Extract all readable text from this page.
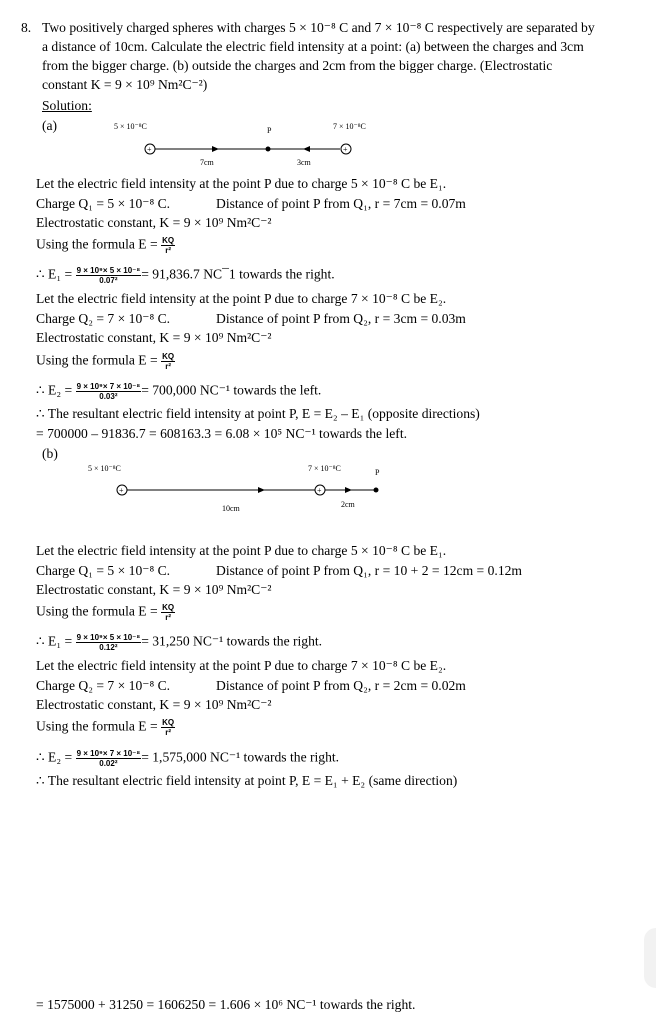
8. Two positively charged spheres with charges 5 × 10⁻⁸ C and 7 × 10⁻⁸ C respectively are separated by
a distance of 10cm. Calculate the electric field intensity at a point: (a) between the charges and 3cm
from the bigger charge. (b) outside the charges and 2cm from the bigger charge. (Electrostatic
constant K = 9 × 10⁹ Nm²C⁻²)
Solution:
(a)	5 × 10⁻⁸C	P	7 × 10⁻⁸C
+	+
7cm	3cm
Let the electric field intensity at the point P due to charge 5 × 10⁻⁸ C be E₁.
Charge Q₁ = 5 × 10⁻⁸ C.	Distance of point P from Q₁, r = 7cm = 0.07m
Electrostatic constant, K = 9 × 10⁹ Nm²C⁻²
Using the formula $E = \frac{KQ}{\text{r²}}$
∴ $E_1 = \frac{\text{9 × 10⁹× 5 × 10⁻⁸}}{\text{0.07²}} = 91,836.7$ NC¯1 towards the right.
Let the electric field intensity at the point P due to charge 7 × 10⁻⁸ C be E₂.
Charge Q₂ = 7 × 10⁻⁸ C.	Distance of point P from Q₂, r = 3cm = 0.03m
Electrostatic constant, K = 9 × 10⁹ Nm²C⁻²
Using the formula $E = \frac{KQ}{\text{r²}}$
∴ $E_2 = \frac{\text{9 × 10⁹× 7 × 10⁻⁸}}{\text{0.03²}} = 700,000$ NC⁻¹ towards the left.
∴ The resultant electric field intensity at point P, E = E₂ – E₁ (opposite directions)
= 700000 – 91836.7 = 608163.3 = 6.08 × 10⁵ NC⁻¹ towards the left.
(b)
5 × 10⁻⁸C	7 × 10⁻⁸C	P
+	+
10cm	2cm
Let the electric field intensity at the point P due to charge 5 × 10⁻⁸ C be E₁.
Charge Q₁ = 5 × 10⁻⁸ C.	Distance of point P from Q₁, r = 10 + 2 = 12cm = 0.12m
Electrostatic constant, K = 9 × 10⁹ Nm²C⁻²
Using the formula $E = \frac{KQ}{\text{r²}}$
∴ $E_1 = \frac{\text{9 × 10⁹× 5 × 10⁻⁸}}{\text{0.12²}} = 31,250$ NC⁻¹ towards the right.
Let the electric field intensity at the point P due to charge 7 × 10⁻⁸ C be E₂.
Charge Q₂ = 7 × 10⁻⁸ C.	Distance of point P from Q₂, r = 2cm = 0.02m
Electrostatic constant, K = 9 × 10⁹ Nm²C⁻²
Using the formula $E = \frac{KQ}{\text{r²}}$
∴ $E_2 = \frac{\text{9 × 10⁹× 7 × 10⁻⁸}}{\text{0.02²}} = 1,575,000$ NC⁻¹ towards the right.
∴ The resultant electric field intensity at point P, E = E₁ + E₂ (same direction)
= 1575000 + 31250 = 1606250 = 1.606 × 10⁶ NC⁻¹ towards the right.
